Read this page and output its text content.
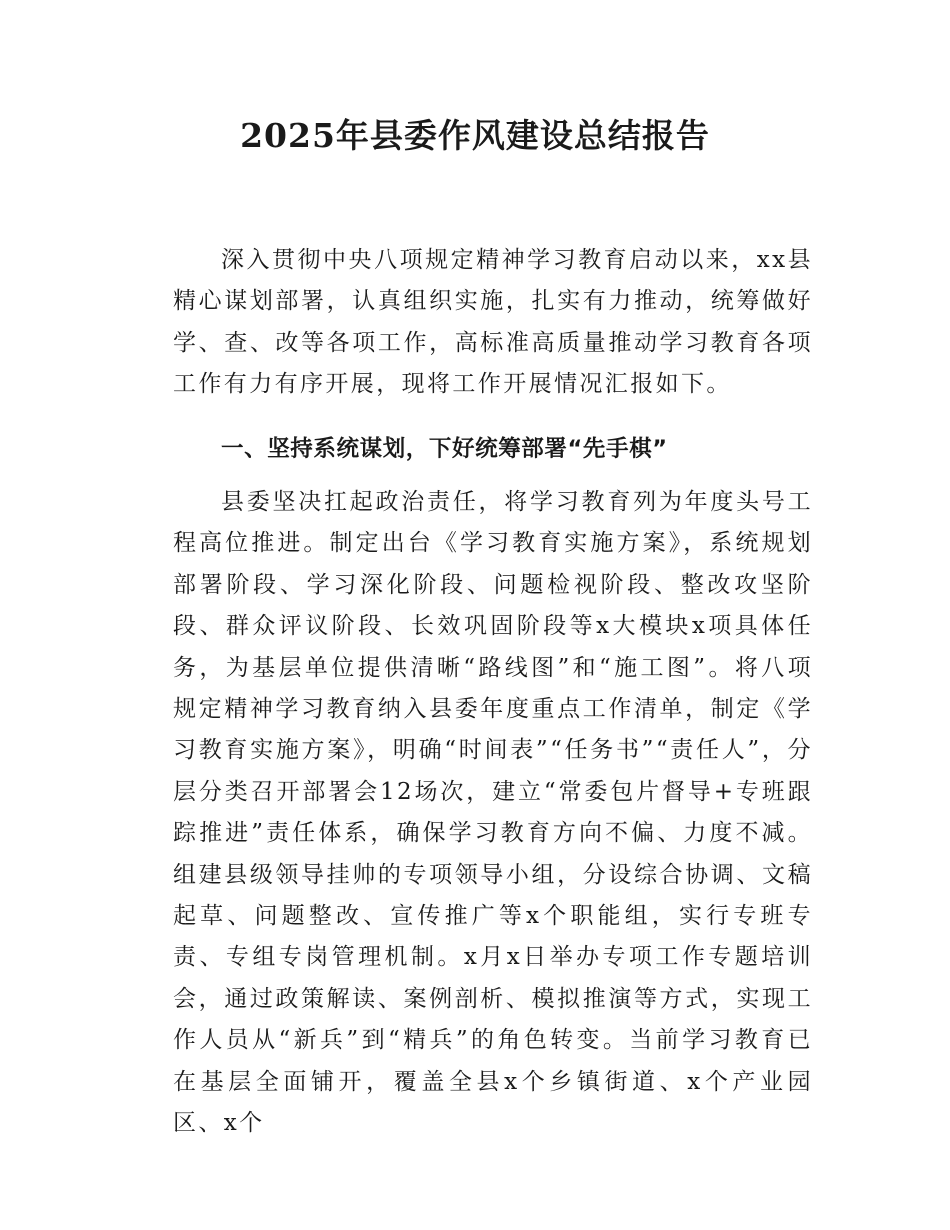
2025年县委作风建设总结报告

深入贯彻中央八项规定精神学习教育启动以来，xx县精心谋划部署，认真组织实施，扎实有力推动，统筹做好学、查、改等各项工作，高标准高质量推动学习教育各项工作有力有序开展，现将工作开展情况汇报如下。

一、坚持系统谋划，下好统筹部署“先手棋”

县委坚决扛起政治责任，将学习教育列为年度头号工程高位推进。制定出台《学习教育实施方案》，系统规划部署阶段、学习深化阶段、问题检视阶段、整改攻坚阶段、群众评议阶段、长效巩固阶段等x大模块x项具体任务，为基层单位提供清晰“路线图”和“施工图”。将八项规定精神学习教育纳入县委年度重点工作清单，制定《学习教育实施方案》，明确“时间表”“任务书”“责任人”，分层分类召开部署会12场次，建立“常委包片督导+专班跟踪推进”责任体系，确保学习教育方向不偏、力度不减。组建县级领导挂帅的专项领导小组，分设综合协调、文稿起草、问题整改、宣传推广等x个职能组，实行专班专责、专组专岗管理机制。x月x日举办专项工作专题培训会，通过政策解读、案例剖析、模拟推演等方式，实现工作人员从“新兵”到“精兵”的角色转变。当前学习教育已在基层全面铺开，覆盖全县x个乡镇街道、x个产业园区、x个
